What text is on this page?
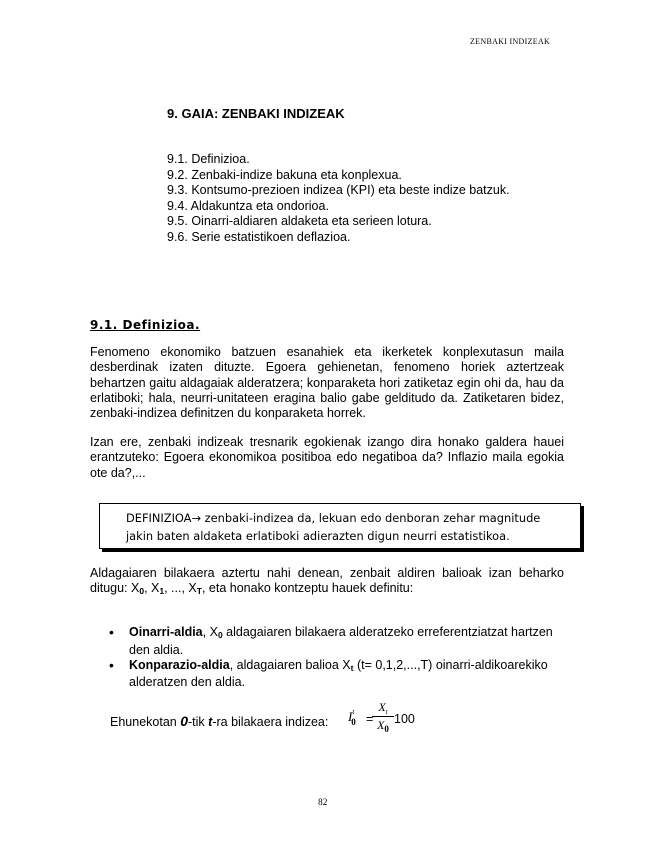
ZENBAKI INDIZEAK
9. GAIA: ZENBAKI INDIZEAK
9.1. Definizioa.
9.2. Zenbaki-indize bakuna eta konplexua.
9.3. Kontsumo-prezioen indizea (KPI) eta beste indize batzuk.
9.4. Aldakuntza eta ondorioa.
9.5. Oinarri-aldiaren aldaketa eta serieen lotura.
9.6. Serie estatistikoen deflazioa.
9.1. Definizioa.
Fenomeno ekonomiko batzuen esanahiek eta ikerketek konplexutasun maila desberdinak izaten dituzte. Egoera gehienetan, fenomeno horiek aztertzeak behartzen gaitu aldagaiak alderatzera; konparaketa hori zatiketaz egin ohi da, hau da erlatiboki; hala, neurri-unitateen eragina balio gabe gelditudo da. Zatiketaren bidez, zenbaki-indizea definitzen du konparaketa horrek.
Izan ere, zenbaki indizeak tresnarik egokienak izango dira honako galdera hauei erantzuteko: Egoera ekonomikoa positiboa edo negatiboa da? Inflazio maila egokia ote da?,...
DEFINIZIOA→ zenbaki-indizea da, lekuan edo denboran zehar magnitude
jakin baten aldaketa erlatiboki adierazten digun neurri estatistikoa.
Aldagaiaren bilakaera aztertu nahi denean, zenbait aldiren balioak izan beharko ditugu: $X_0$, $X_1$, ..., $X_T$, eta honako kontzeptu hauek definitu:
• Oinarri-aldia, $X_0$ aldagaiaren bilakaera alderatzeko erreferentziatzat hartzen den aldia.
• Konparazio-aldia, aldagaiaren balioa $X_t$ (t= 0,1,2,...,T) oinarri-aldikoarekiko alderatzen den aldia.
Ehunekotan 0-tik t-ra bilakaera indizea: $I^t_0$ =
$X_t$
$X_0$
100
82
